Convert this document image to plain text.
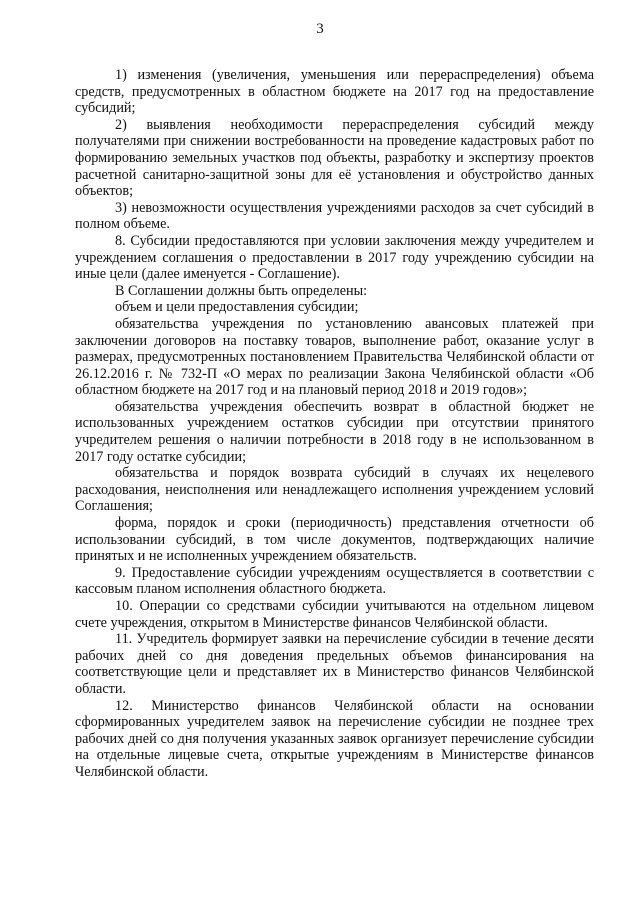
3

1) изменения (увеличения, уменьшения или перераспределения) объема средств, предусмотренных в областном бюджете на 2017 год на предоставление субсидий;

2) выявления необходимости перераспределения субсидий между получателями при снижении востребованности на проведение кадастровых работ по формированию земельных участков под объекты, разработку и экспертизу проектов расчетной санитарно-защитной зоны для её установления и обустройство данных объектов;

3) невозможности осуществления учреждениями расходов за счет субсидий в полном объеме.

8. Субсидии предоставляются при условии заключения между учредителем и учреждением соглашения о предоставлении в 2017 году учреждению субсидии на иные цели (далее именуется - Соглашение).

В Соглашении должны быть определены:

объем и цели предоставления субсидии;

обязательства учреждения по установлению авансовых платежей при заключении договоров на поставку товаров, выполнение работ, оказание услуг в размерах, предусмотренных постановлением Правительства Челябинской области от 26.12.2016 г. № 732-П «О мерах по реализации Закона Челябинской области «Об областном бюджете на 2017 год и на плановый период 2018 и 2019 годов»;

обязательства учреждения обеспечить возврат в областной бюджет не использованных учреждением остатков субсидии при отсутствии принятого учредителем решения о наличии потребности в 2018 году в не использованном в 2017 году остатке субсидии;

обязательства и порядок возврата субсидий в случаях их нецелевого расходования, неисполнения или ненадлежащего исполнения учреждением условий Соглашения;

форма, порядок и сроки (периодичность) представления отчетности об использовании субсидий, в том числе документов, подтверждающих наличие принятых и не исполненных учреждением обязательств.

9. Предоставление субсидии учреждениям осуществляется в соответствии с кассовым планом исполнения областного бюджета.

10. Операции со средствами субсидии учитываются на отдельном лицевом счете учреждения, открытом в Министерстве финансов Челябинской области.

11. Учредитель формирует заявки на перечисление субсидии в течение десяти рабочих дней со дня доведения предельных объемов финансирования на соответствующие цели и представляет их в Министерство финансов Челябинской области.

12. Министерство финансов Челябинской области на основании сформированных учредителем заявок на перечисление субсидии не позднее трех рабочих дней со дня получения указанных заявок организует перечисление субсидии на отдельные лицевые счета, открытые учреждениям в Министерстве финансов Челябинской области.
